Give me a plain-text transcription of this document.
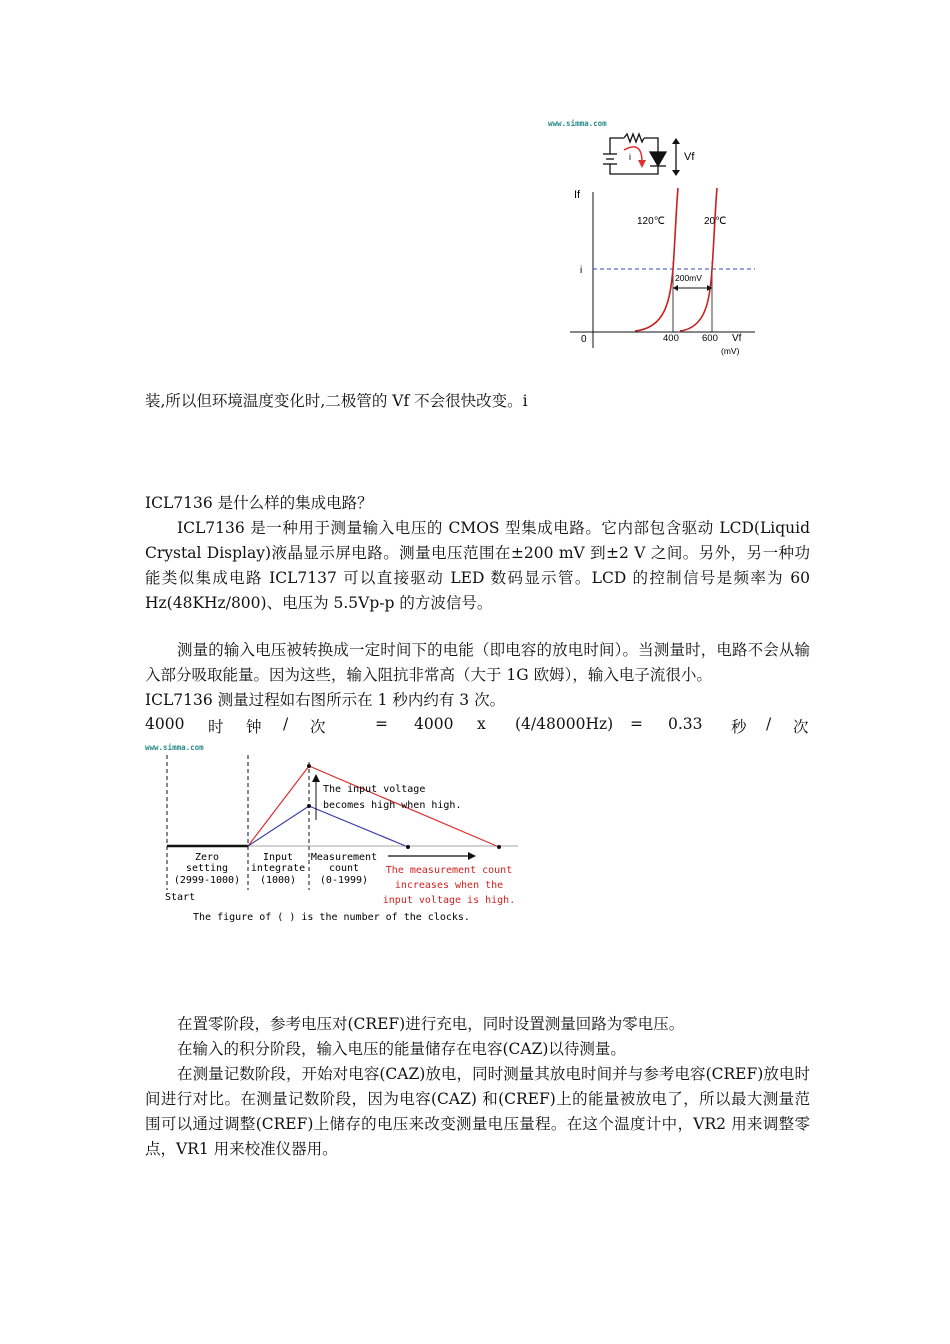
www.simma.com
i	Vf
If
i
120℃	20℃
200mV
0	400 600 Vf
(mV)

装,所以但环境温度变化时,二极管的 Vf 不会很快改变。i

ICL7136 是什么样的集成电路？

ICL7136 是一种用于测量输入电压的 CMOS 型集成电路。它内部包含驱动 LCD(Liquid Crystal Display)液晶显示屏电路。测量电压范围在±200 mV 到±2 V 之间。另外，另一种功能类似集成电路 ICL7137 可以直接驱动 LED 数码显示管。LCD 的控制信号是频率为 60 Hz(48KHz/800)、电压为 5.5Vp-p 的方波信号。

测量的输入电压被转换成一定时间下的电能（即电容的放电时间）。当测量时，电路不会从输入部分吸取能量。因为这些，输入阻抗非常高（大于 1G 欧姆），输入电子流很小。

ICL7136 测量过程如右图所示在 1 秒内约有 3 次。

4000 时 钟 / 次	= 4000 x (4/48000Hz) = 0.33 秒 / 次
www.simma.com
The input voltage
becomes high when high.
Zero
setting
(2999-1000)
Input
integrate
(1000)
Measurement
count
(0-1999)
The measurement count
increases when the
input voltage is high.
Start
The figure of ( ) is the number of the clocks.

在置零阶段，参考电压对(CREF)进行充电，同时设置测量回路为零电压。

在输入的积分阶段，输入电压的能量储存在电容(CAZ)以待测量。

在测量记数阶段，开始对电容(CAZ)放电，同时测量其放电时间并与参考电容(CREF)放电时间进行对比。在测量记数阶段，因为电容(CAZ) 和(CREF)上的能量被放电了，所以最大测量范围可以通过调整(CREF)上储存的电压来改变测量电压量程。在这个温度计中，VR2 用来调整零点，VR1 用来校准仪器用。
